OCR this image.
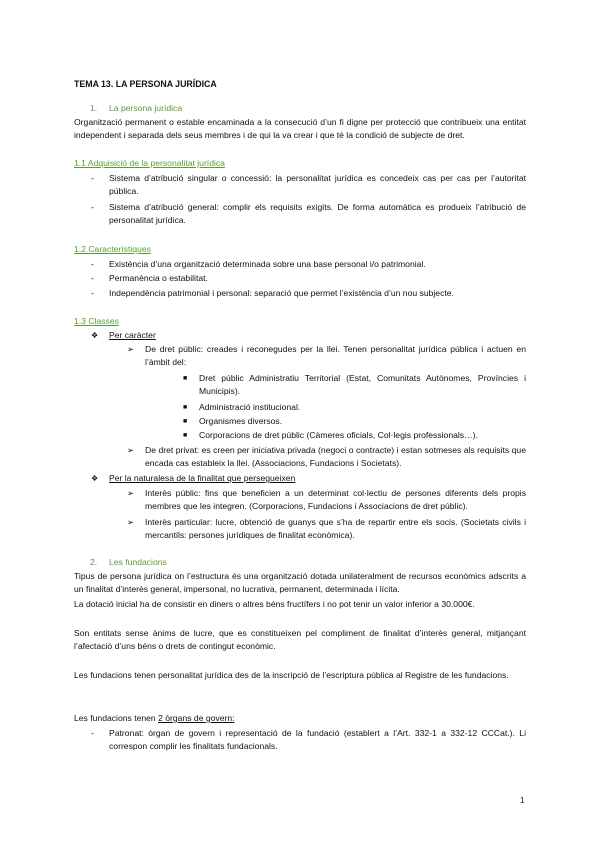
TEMA 13. LA PERSONA JURÍDICA
1. La persona jurídica
Organització permanent o estable encaminada a la consecució d’un fi digne per protecció que contribueix una entitat independent i separada dels seus membres i de qui la va crear i que té la condició de subjecte de dret.
1.1 Adquisició de la personalitat jurídica
- Sistema d’atribució singular o concessió: la personalitat jurídica es concedeix cas per cas per l’autoritat pública.
- Sistema d’atribució general: complir els requisits exigits. De forma automàtica es produeix l’atribució de personalitat jurídica.
1.2 Característiques
- Existència d’una organització determinada sobre una base personal i/o patrimonial.
- Permanència o estabilitat.
- Independència patrimonial i personal: separació que permet l’existència d’un nou subjecte.
1.3 Classes
❖ Per caràcter
➢ De dret públic: creades i reconegudes per la llei. Tenen personalitat jurídica pública i actuen en l’àmbit del:
■ Dret públic Administratiu Territorial (Estat, Comunitats Autònomes, Províncies i Municipis).
■ Administració institucional.
■ Organismes diversos.
■ Corporacions de dret públic (Càmeres oficials, Col·legis professionals…).
➢ De dret privat: es creen per iniciativa privada (negoci o contracte) i estan sotmeses als requisits que encada cas estableix la llei. (Associacions, Fundacions i Societats).
❖ Per la naturalesa de la finalitat que persegueixen
➢ Interès públic: fins que beneficien a un determinat col·lectiu de persones diferents dels propis membres que les integren. (Corporacions, Fundacions i Associacions de dret públic).
➢ Interès particular: lucre, obtenció de guanys que s’ha de repartir entre els socis. (Societats civils i mercantils: persones jurídiques de finalitat econòmica).
2. Les fundacions
Tipus de persona jurídica on l’estructura és una organització dotada unilateralment de recursos econòmics adscrits a un finalitat d’interès general, impersonal, no lucrativa, permanent, determinada i lícita.
La dotació inicial ha de consistir en diners o altres béns fructífers i no pot tenir un valor inferior a 30.000€.
Son entitats sense ànims de lucre, que es constitueixen pel compliment de finalitat d’interès general, mitjançant l’afectació d’uns béns o drets de contingut econòmic.
Les fundacions tenen personalitat jurídica des de la inscripció de l’escriptura pública al Registre de les fundacions.
Les fundacions tenen 2 òrgans de govern:
- Patronat: òrgan de govern i representació de la fundació (establert a l’Art. 332-1 a 332-12 CCCat.). Li correspon complir les finalitats fundacionals.
1
